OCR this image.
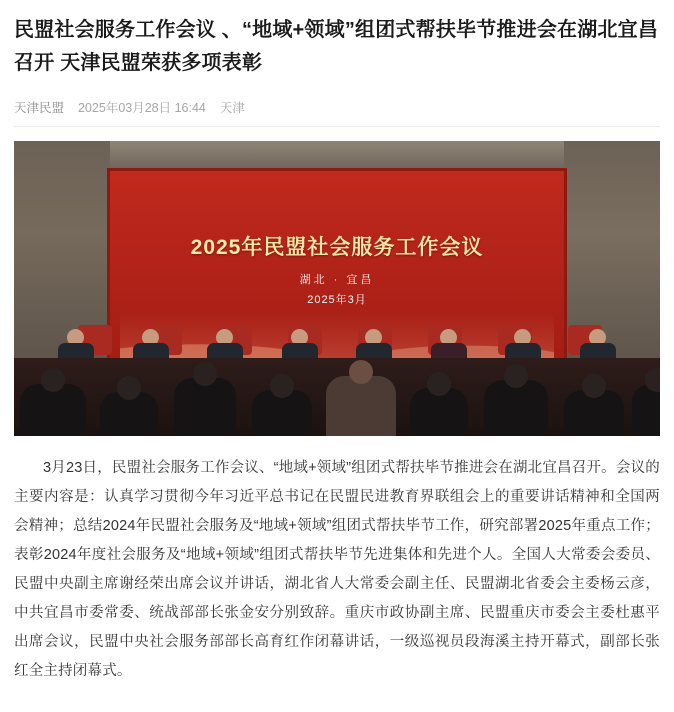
民盟社会服务工作会议 、“地域+领域”组团式帮扶毕节推进会在湖北宜昌召开 天津民盟荣获多项表彰
天津民盟 2025年03月28日 16:44 天津
2025年民盟社会服务工作会议
湖北 · 宜昌
2025年3月

3月23日，民盟社会服务工作会议、“地域+领域”组团式帮扶毕节推进会在湖北宜昌召开。会议的主要内容是：认真学习贯彻今年习近平总书记在民盟民进教育界联组会上的重要讲话精神和全国两会精神；总结2024年民盟社会服务及“地域+领域”组团式帮扶毕节工作，研究部署2025年重点工作；表彰2024年度社会服务及“地域+领域”组团式帮扶毕节先进集体和先进个人。全国人大常委会委员、民盟中央副主席谢经荣出席会议并讲话，湖北省人大常委会副主任、民盟湖北省委会主委杨云彦，中共宜昌市委常委、统战部部长张金安分别致辞。重庆市政协副主席、民盟重庆市委会主委杜惠平出席会议，民盟中央社会服务部部长高育红作闭幕讲话，一级巡视员段海溪主持开幕式，副部长张红全主持闭幕式。
